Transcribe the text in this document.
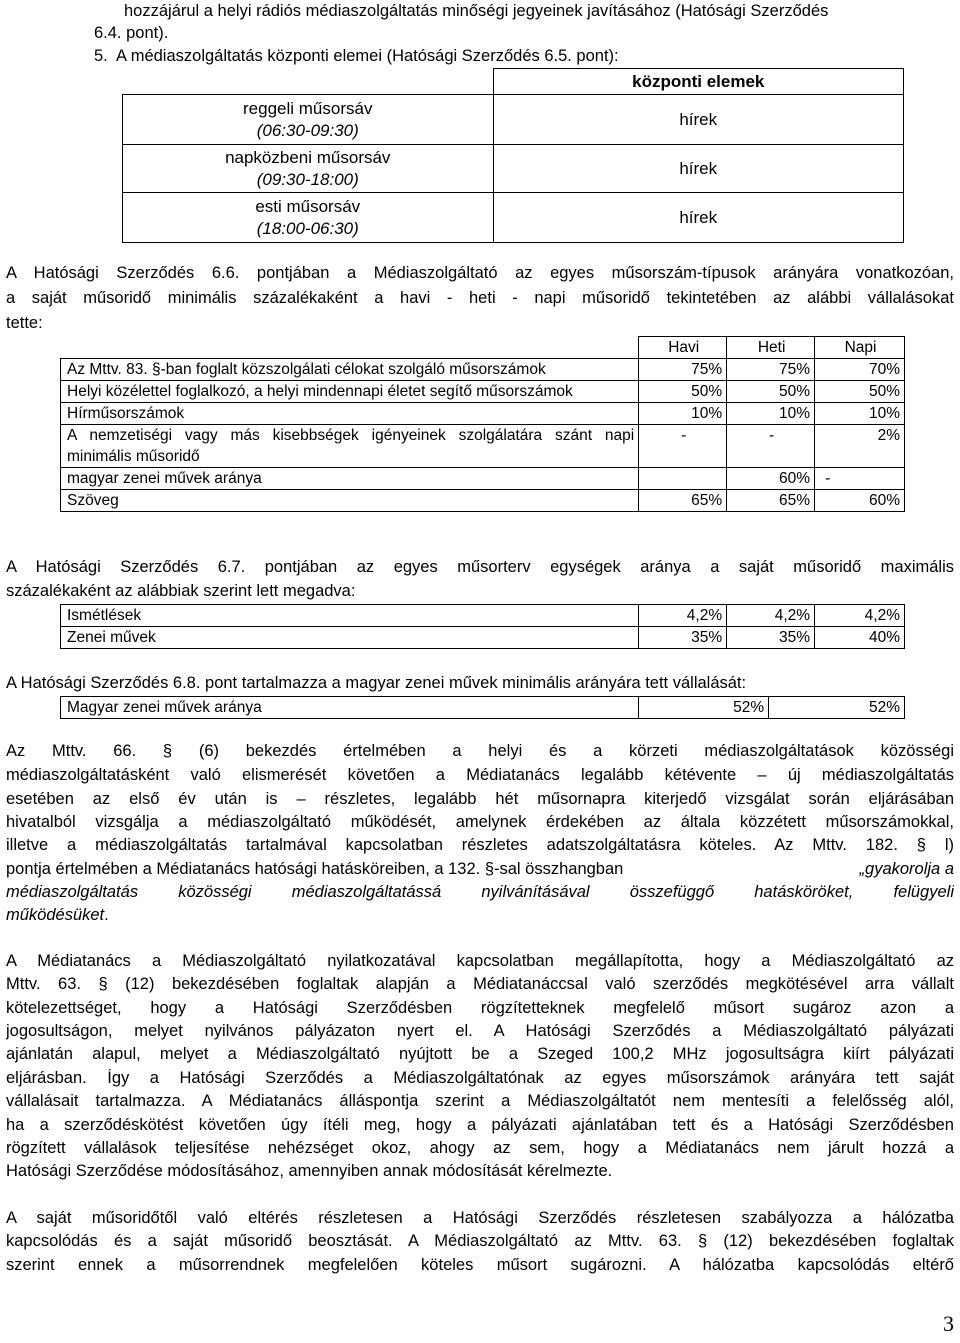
hozzájárul a helyi rádiós médiaszolgáltatás minőségi jegyeinek javításához (Hatósági Szerződés
6.4. pont).
5.  A médiaszolgáltatás központi elemei (Hatósági Szerződés 6.5. pont):
	központi elemek

reggeli műsorsáv
(06:30-09:30)	hírek

napközbeni műsorsáv
(09:30-18:00)	hírek

esti műsorsáv
(18:00-06:30)	hírek
A Hatósági Szerződés 6.6. pontjában a Médiaszolgáltató az egyes műsorszám-típusok arányára vonatkozóan,
a saját műsoridő minimális százalékaként a havi - heti - napi műsoridő tekintetében az alábbi vállalásokat
tette:
	Havi	Heti	Napi
Az Mttv. 83. §-ban foglalt közszolgálati célokat szolgáló műsorszámok	75%	75%	70%
Helyi közélettel foglalkozó, a helyi mindennapi életet segítő műsorszámok	50%	50%	50%
Hírműsorszámok	10%	10%	10%
A nemzetiségi vagy más kisebbségek igényeinek szolgálatára szánt napi minimális műsoridő	-	-	2%
magyar zenei művek aránya		60%	-
Szöveg	65%	65%	60%
A Hatósági Szerződés 6.7. pontjában az egyes műsorterv egységek aránya a saját műsoridő maximális
százalékaként az alábbiak szerint lett megadva:
Ismétlések	4,2%	4,2%	4,2%
Zenei művek	35%	35%	40%
A Hatósági Szerződés 6.8. pont tartalmazza a magyar zenei művek minimális arányára tett vállalását:
Magyar zenei művek aránya	52%	52%
Az Mttv. 66. § (6) bekezdés értelmében a helyi és a körzeti médiaszolgáltatások közösségi
médiaszolgáltatásként való elismerését követően a Médiatanács legalább kétévente – új médiaszolgáltatás
esetében az első év után is – részletes, legalább hét műsornapra kiterjedő vizsgálat során eljárásában
hivatalból vizsgálja a médiaszolgáltató működését, amelynek érdekében az általa közzétett műsorszámokkal,
illetve a médiaszolgáltatás tartalmával kapcsolatban részletes adatszolgáltatásra köteles. Az Mttv. 182. § l)
pontja értelmében a Médiatanács hatósági hatásköreiben, a 132. §-sal összhangban	„gyakorolja a
médiaszolgáltatás közösségi médiaszolgáltatássá nyilvánításával összefüggő hatásköröket, felügyeli
működésüket.
A Médiatanács a Médiaszolgáltató nyilatkozatával kapcsolatban megállapította, hogy a Médiaszolgáltató az
Mttv. 63. § (12) bekezdésében foglaltak alapján a Médiatanáccsal való szerződés megkötésével arra vállalt
kötelezettséget, hogy a Hatósági Szerződésben rögzítetteknek megfelelő műsort sugároz azon a
jogosultságon, melyet nyilvános pályázaton nyert el. A Hatósági Szerződés a Médiaszolgáltató pályázati
ajánlatán alapul, melyet a Médiaszolgáltató nyújtott be a Szeged 100,2 MHz jogosultságra kiírt pályázati
eljárásban. Így a Hatósági Szerződés a Médiaszolgáltatónak az egyes műsorszámok arányára tett saját
vállalásait tartalmazza. A Médiatanács álláspontja szerint a Médiaszolgáltatót nem mentesíti a felelősség alól,
ha a szerződéskötést követően úgy ítéli meg, hogy a pályázati ajánlatában tett és a Hatósági Szerződésben
rögzített vállalások teljesítése nehézséget okoz, ahogy az sem, hogy a Médiatanács nem járult hozzá a
Hatósági Szerződése módosításához, amennyiben annak módosítását kérelmezte.
A saját műsoridőtől való eltérés részletesen a Hatósági Szerződés részletesen szabályozza a hálózatba
kapcsolódás és a saját műsoridő beosztását. A Médiaszolgáltató az Mttv. 63. § (12) bekezdésében foglaltak
szerint ennek a műsorrendnek megfelelően köteles műsort sugározni. A hálózatba kapcsolódás eltérő
3
